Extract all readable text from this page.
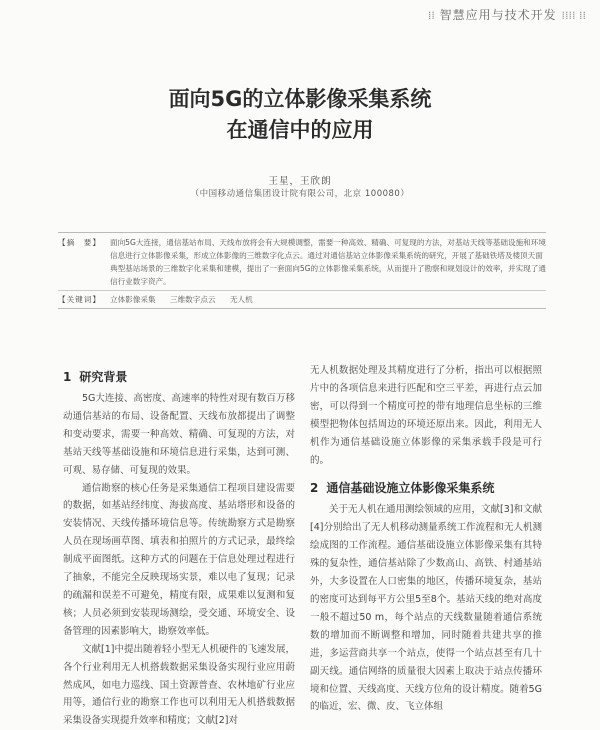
⁞⁞ 智慧应用与技术开发 ⁞⁞⁞⁞ ⁞⁞
面向5G的立体影像采集系统
在通信中的应用
王星，王欣朗
（中国移动通信集团设计院有限公司，北京 100080）
【摘　要】	面向5G大连接，通信基站布局、天线布放将会有大规模调整，需要一种高效、精确、可复现的方法，对基站天线等基础设施和环境信息进行立体影像采集，形成立体影像的三维数字化点云。通过对通信基站立体影像采集系统的研究，开展了基础铁塔及楼顶天面典型基站场景的三维数字化采集和建模，提出了一套面向5G的立体影像采集系统，从而提升了勘察和规划设计的效率，并实现了通信行业数字资产。
【关键词】	立体影像采集 三维数字点云 无人机
1 研究背景

5G大连接、高密度、高速率的特性对现有数百万移动通信基站的布局、设备配置、天线布放都提出了调整和变动要求，需要一种高效、精确、可复现的方法，对基站天线等基础设施和环境信息进行采集，达到可测、可观、易存储、可复现的效果。

通信勘察的核心任务是采集通信工程项目建设需要的数据，如基站经纬度、海拔高度、基站塔形和设备的安装情况、天线传播环境信息等。传统勘察方式是勘察人员在现场画草图、填表和拍照片的方式记录，最终绘制成平面图纸。这种方式的问题在于信息处理过程进行了抽象，不能完全反映现场实景，难以电了复现；记录的疏漏和误差不可避免，精度有限，成果难以复测和复核；人员必须到安装现场测绘，受交通、环境安全、设备管理的因素影响大，勘察效率低。

文献[1]中提出随着轻小型无人机硬件的飞速发展，各个行业利用无人机搭载数据采集设备实现行业应用蔚然成风，如电力巡线、国土资源普查、农林地矿行业应用等，通信行业的勘察工作也可以利用无人机搭载数据采集设备实现提升效率和精度；文献[2]对

无人机数据处理及其精度进行了分析，指出可以根据照片中的各项信息来进行匹配和空三平差，再进行点云加密，可以得到一个精度可控的带有地理信息坐标的三维模型把物体包括周边的环境还原出来。因此，利用无人机作为通信基础设施立体影像的采集承载手段是可行的。

2 通信基础设施立体影像采集系统

关于无人机在通用测绘领域的应用，文献[3]和文献[4]分别给出了无人机移动测量系统工作流程和无人机测绘成图的工作流程。通信基础设施立体影像采集有其特殊的复杂性，通信基站除了少数高山、高铁、村通基站外，大多设置在人口密集的地区，传播环境复杂，基站的密度可达到每平方公里5至8个。基站天线的绝对高度一般不超过50 m，每个站点的天线数量随着通信系统数的增加而不断调整和增加，同时随着共建共享的推进，多运营商共享一个站点，使得一个站点甚至有几十副天线。通信网络的质量很大因素上取决于站点传播环境和位置、天线高度、天线方位角的设计精度。随着5G的临近，宏、微、皮、飞立体组
